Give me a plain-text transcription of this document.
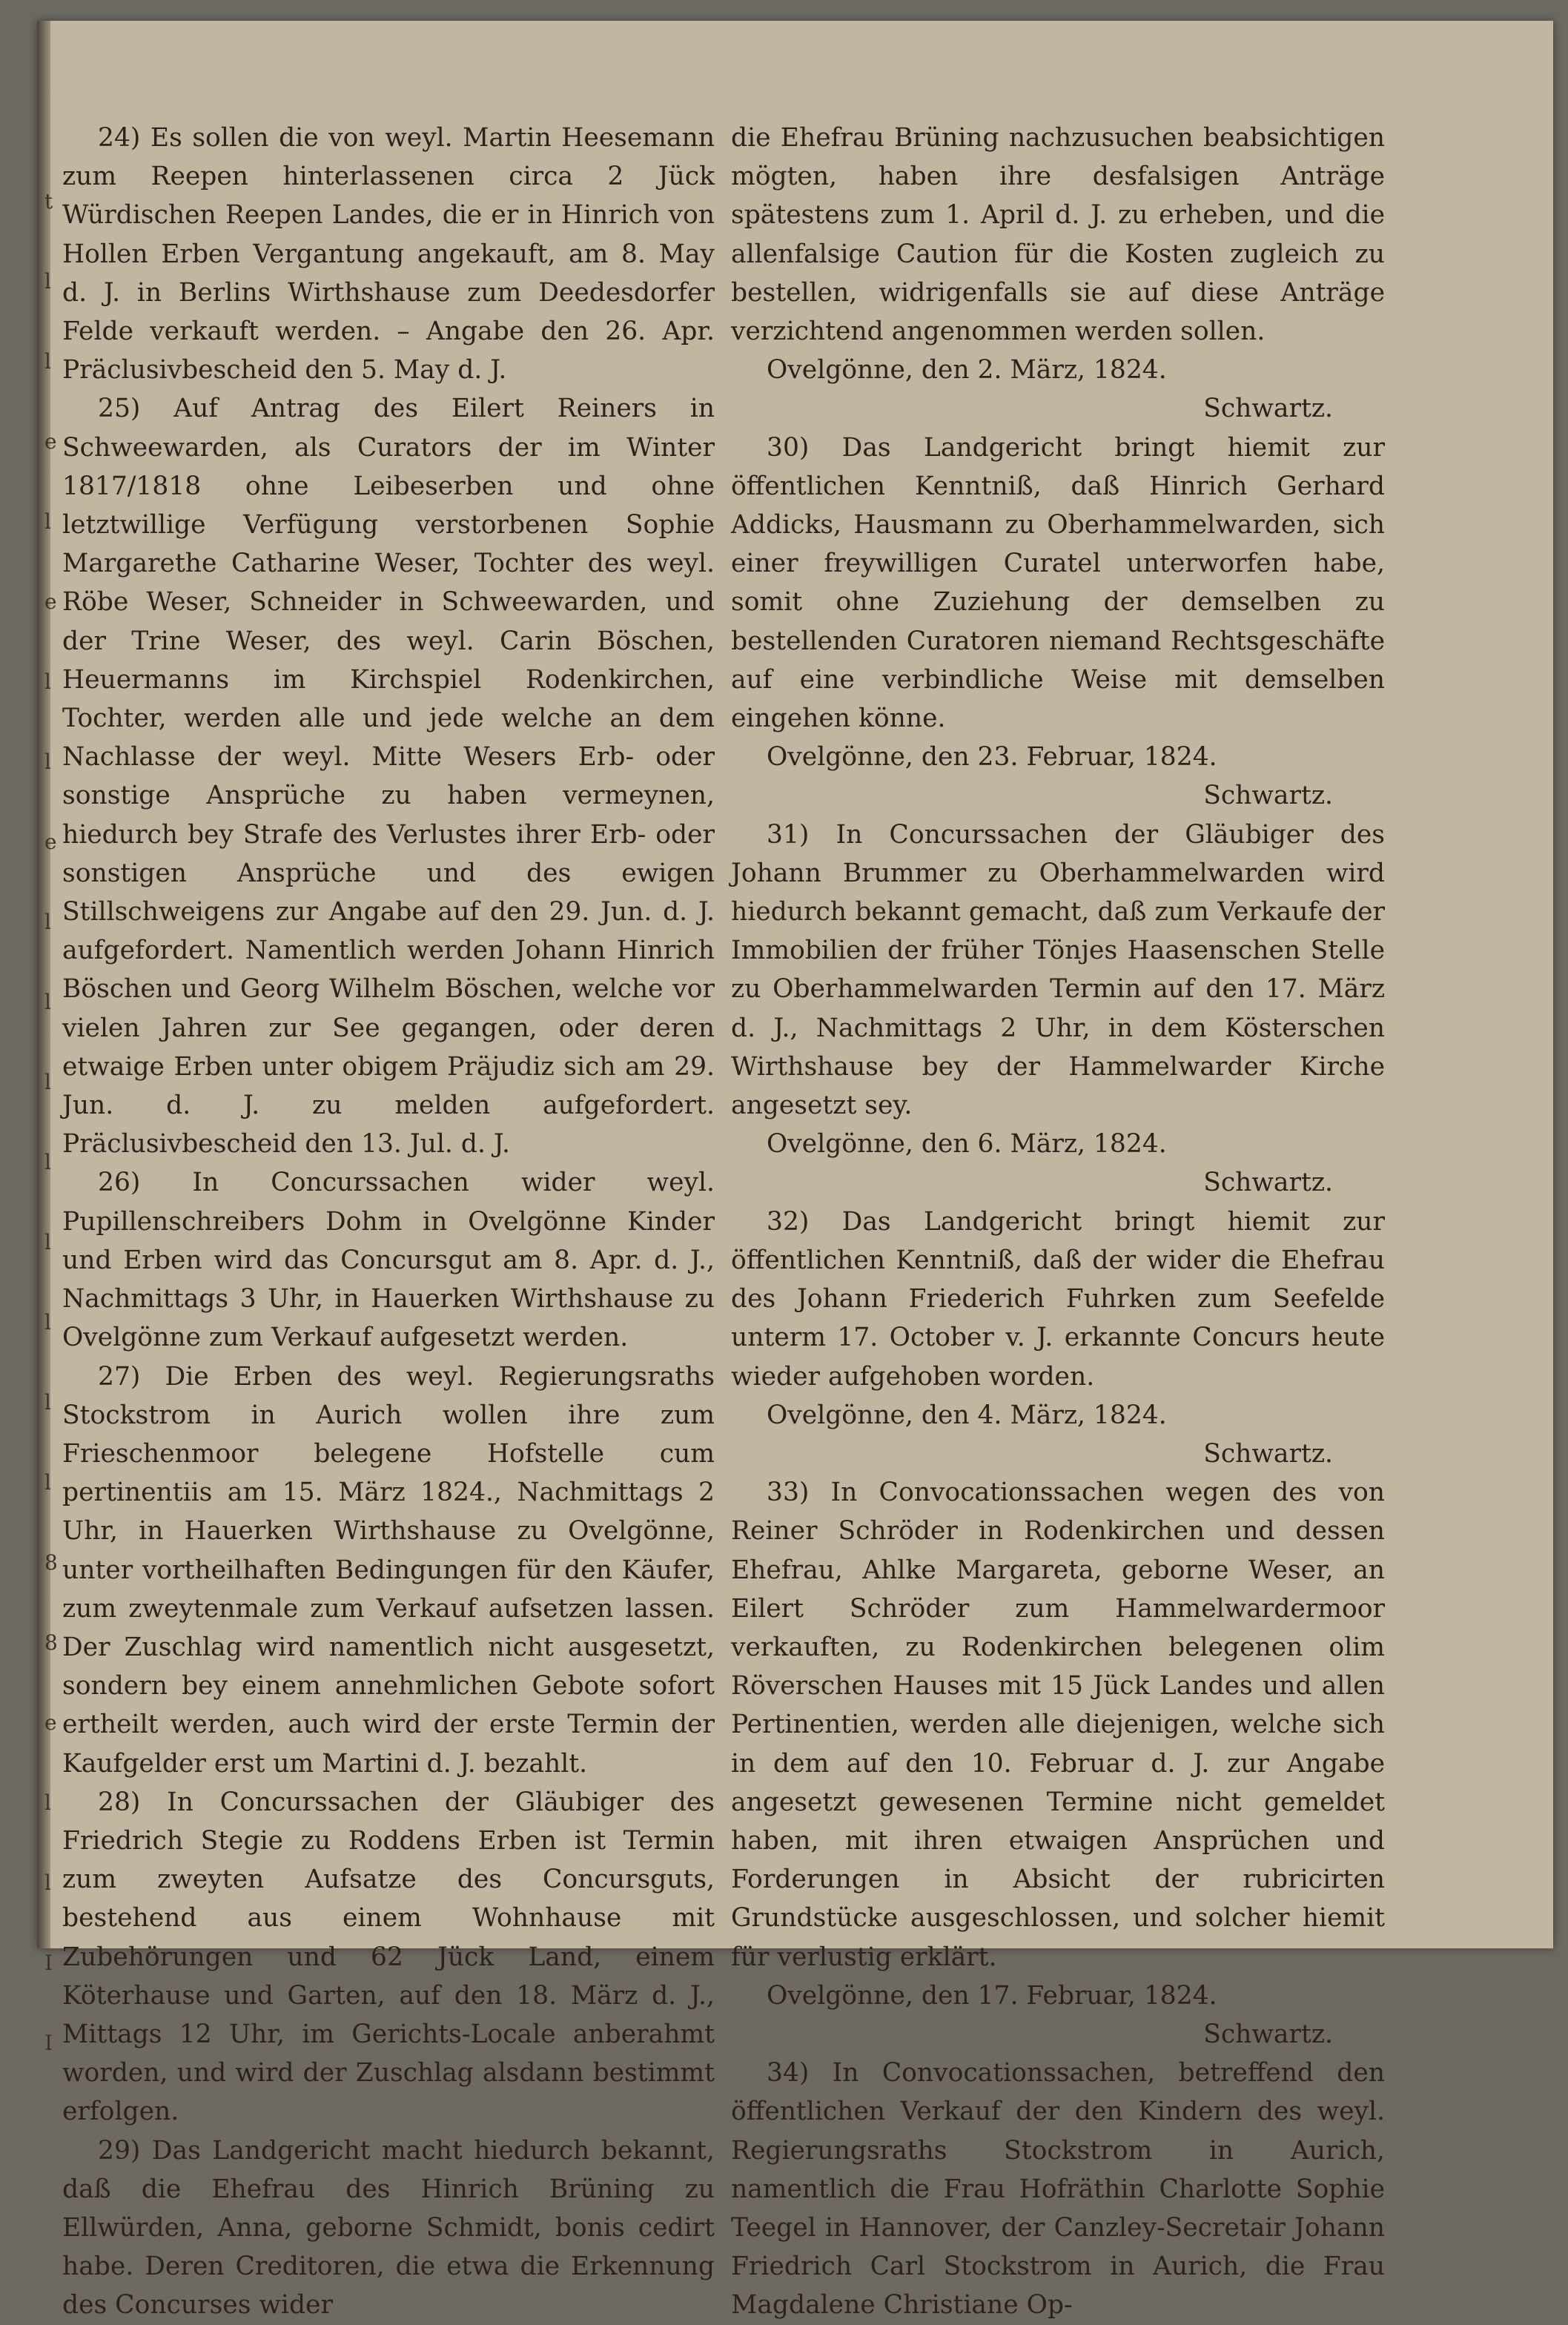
t
l
l
e
l
e
l
l
e
l
l
l
l
l
l
l
l
8
8
e
l
l
I
I

24) Es sollen die von weyl. Martin Heesemann zum Reepen hinterlassenen circa 2 Jück Würdischen Reepen Landes, die er in Hinrich von Hollen Erben Vergantung angekauft, am 8. May d. J. in Berlins Wirthshause zum Deedesdorfer Felde verkauft werden. – Angabe den 26. Apr. Präclusivbescheid den 5. May d. J.

25) Auf Antrag des Eilert Reiners in Schweewarden, als Curators der im Winter 1817/1818 ohne Leibeserben und ohne letztwillige Verfügung verstorbenen Sophie Margarethe Catharine Weser, Tochter des weyl. Röbe Weser, Schneider in Schweewarden, und der Trine Weser, des weyl. Carin Böschen, Heuermanns im Kirchspiel Rodenkirchen, Tochter, werden alle und jede welche an dem Nachlasse der weyl. Mitte Wesers Erb- oder sonstige Ansprüche zu haben vermeynen, hiedurch bey Strafe des Verlustes ihrer Erb- oder sonstigen Ansprüche und des ewigen Stillschweigens zur Angabe auf den 29. Jun. d. J. aufgefordert. Namentlich werden Johann Hinrich Böschen und Georg Wilhelm Böschen, welche vor vielen Jahren zur See gegangen, oder deren etwaige Erben unter obigem Präjudiz sich am 29. Jun. d. J. zu melden aufgefordert. Präclusivbescheid den 13. Jul. d. J.

26) In Concurssachen wider weyl. Pupillenschreibers Dohm in Ovelgönne Kinder und Erben wird das Concursgut am 8. Apr. d. J., Nachmittags 3 Uhr, in Hauerken Wirthshause zu Ovelgönne zum Verkauf aufgesetzt werden.

27) Die Erben des weyl. Regierungsraths Stockstrom in Aurich wollen ihre zum Frieschenmoor belegene Hofstelle cum pertinentiis am 15. März 1824., Nachmittags 2 Uhr, in Hauerken Wirthshause zu Ovelgönne, unter vortheilhaften Bedingungen für den Käufer, zum zweytenmale zum Verkauf aufsetzen lassen. Der Zuschlag wird namentlich nicht ausgesetzt, sondern bey einem annehmlichen Gebote sofort ertheilt werden, auch wird der erste Termin der Kaufgelder erst um Martini d. J. bezahlt.

28) In Concurssachen der Gläubiger des Friedrich Stegie zu Roddens Erben ist Termin zum zweyten Aufsatze des Concursguts, bestehend aus einem Wohnhause mit Zubehörungen und 62 Jück Land, einem Köterhause und Garten, auf den 18. März d. J., Mittags 12 Uhr, im Gerichts-Locale anberahmt worden, und wird der Zuschlag alsdann bestimmt erfolgen.

29) Das Landgericht macht hiedurch bekannt, daß die Ehefrau des Hinrich Brüning zu Ellwürden, Anna, geborne Schmidt, bonis cedirt habe. Deren Creditoren, die etwa die Erkennung des Concurses wider

die Ehefrau Brüning nachzusuchen beabsichtigen mögten, haben ihre desfalsigen Anträge spätestens zum 1. April d. J. zu erheben, und die allenfalsige Caution für die Kosten zugleich zu bestellen, widrigenfalls sie auf diese Anträge verzichtend angenommen werden sollen.

Ovelgönne, den 2. März, 1824.

Schwartz.

30) Das Landgericht bringt hiemit zur öffentlichen Kenntniß, daß Hinrich Gerhard Addicks, Hausmann zu Oberhammelwarden, sich einer freywilligen Curatel unterworfen habe, somit ohne Zuziehung der demselben zu bestellenden Curatoren niemand Rechtsgeschäfte auf eine verbindliche Weise mit demselben eingehen könne.

Ovelgönne, den 23. Februar, 1824.

Schwartz.

31) In Concurssachen der Gläubiger des Johann Brummer zu Oberhammelwarden wird hiedurch bekannt gemacht, daß zum Verkaufe der Immobilien der früher Tönjes Haasenschen Stelle zu Oberhammelwarden Termin auf den 17. März d. J., Nachmittags 2 Uhr, in dem Kösterschen Wirthshause bey der Hammelwarder Kirche angesetzt sey.

Ovelgönne, den 6. März, 1824.

Schwartz.

32) Das Landgericht bringt hiemit zur öffentlichen Kenntniß, daß der wider die Ehefrau des Johann Friederich Fuhrken zum Seefelde unterm 17. October v. J. erkannte Concurs heute wieder aufgehoben worden.

Ovelgönne, den 4. März, 1824.

Schwartz.

33) In Convocationssachen wegen des von Reiner Schröder in Rodenkirchen und dessen Ehefrau, Ahlke Margareta, geborne Weser, an Eilert Schröder zum Hammelwardermoor verkauften, zu Rodenkirchen belegenen olim Röverschen Hauses mit 15 Jück Landes und allen Pertinentien, werden alle diejenigen, welche sich in dem auf den 10. Februar d. J. zur Angabe angesetzt gewesenen Termine nicht gemeldet haben, mit ihren etwaigen Ansprüchen und Forderungen in Absicht der rubricirten Grundstücke ausgeschlossen, und solcher hiemit für verlustig erklärt.

Ovelgönne, den 17. Februar, 1824.

Schwartz.

34) In Convocationssachen, betreffend den öffentlichen Verkauf der den Kindern des weyl. Regierungsraths Stockstrom in Aurich, namentlich die Frau Hofräthin Charlotte Sophie Teegel in Hannover, der Canzley-Secretair Johann Friedrich Carl Stockstrom in Aurich, die Frau Magdalene Christiane Op-
